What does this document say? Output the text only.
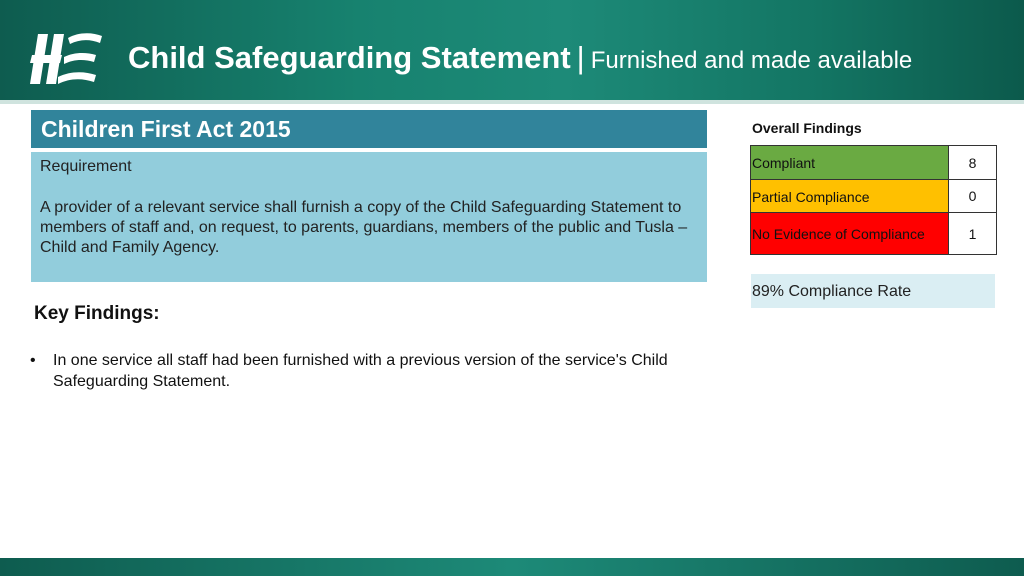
Child Safeguarding Statement | Furnished and made available
Children First Act 2015
Requirement
A provider of a relevant service shall furnish a copy of the Child Safeguarding Statement to members of staff and, on request, to parents, guardians, members of the public and Tusla – Child and Family Agency.
Key Findings:
• In one service all staff had been furnished with a previous version of the service's Child Safeguarding Statement.
Overall Findings
Compliant	8
Partial Compliance	0
No Evidence of Compliance	1
89% Compliance Rate
